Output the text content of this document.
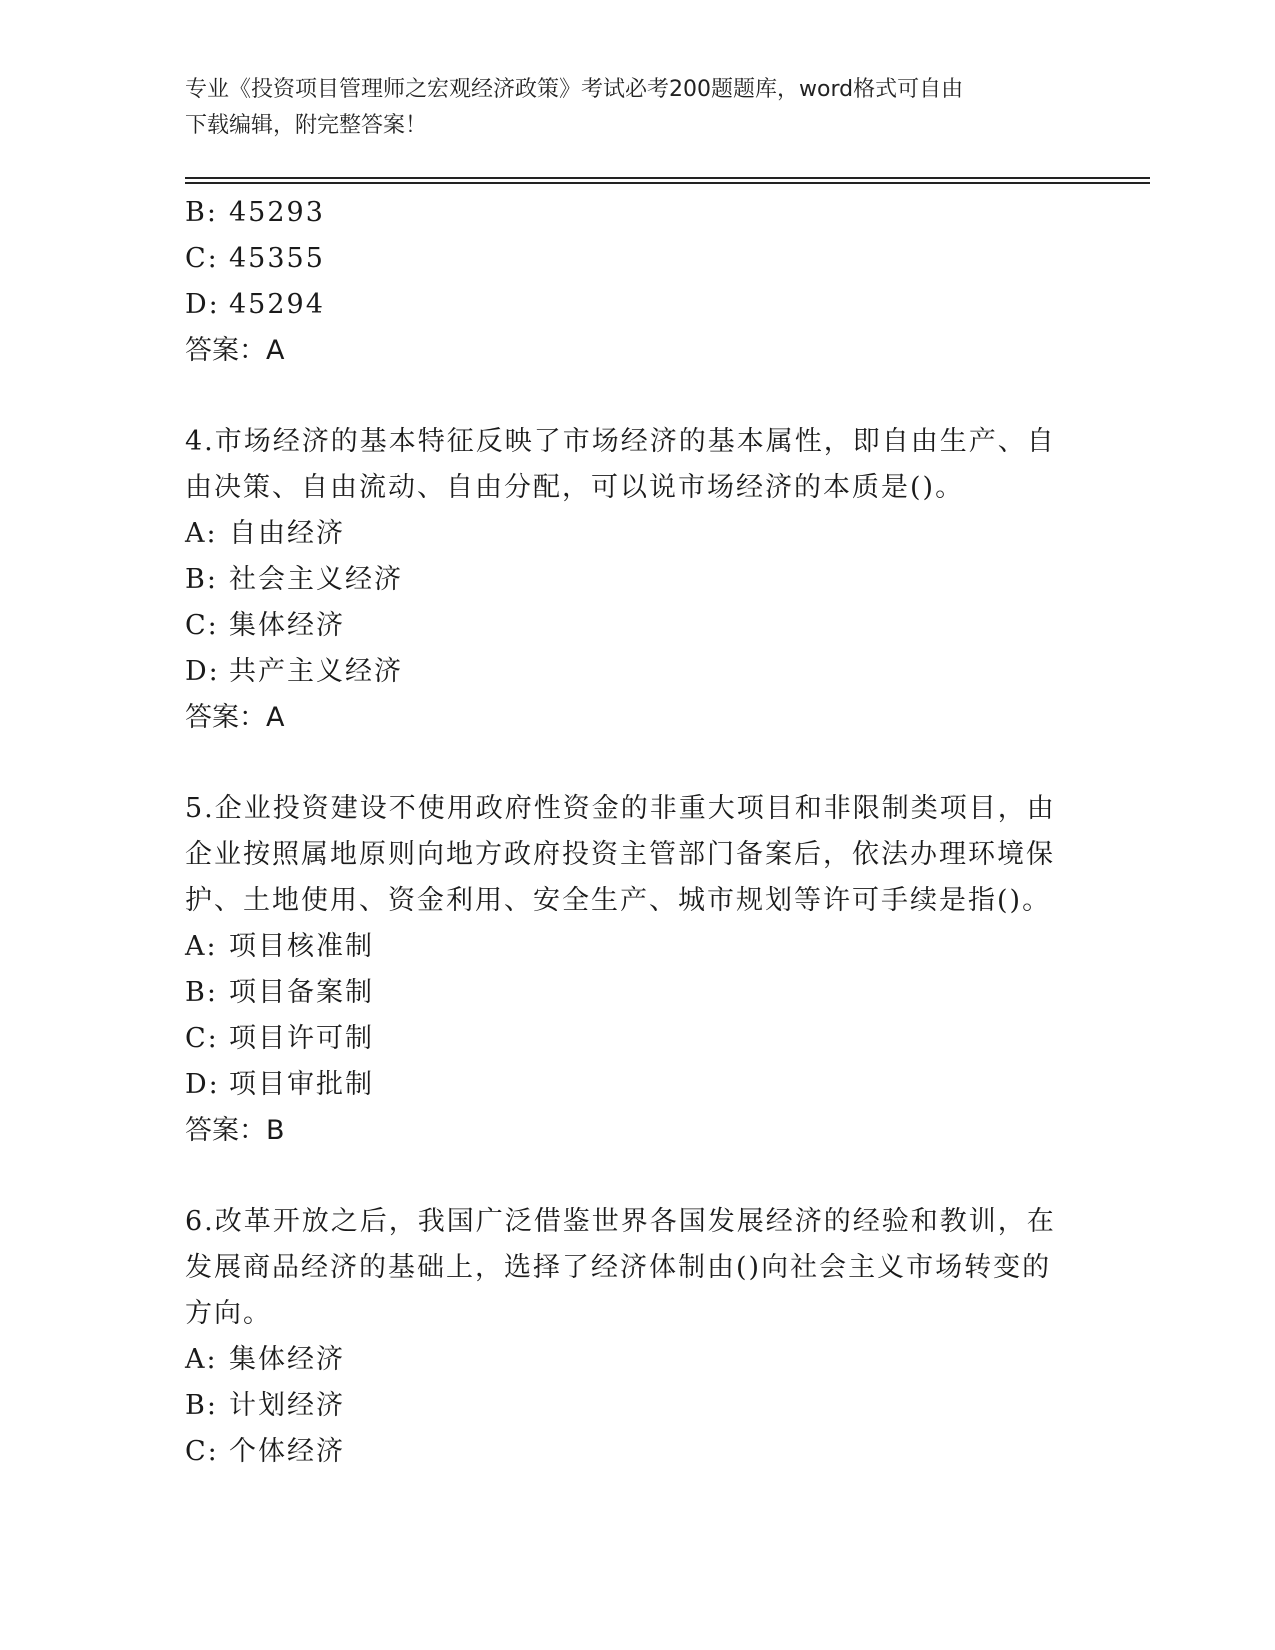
专业《投资项目管理师之宏观经济政策》考试必考200题题库，word格式可自由
下载编辑，附完整答案！
B: 45293
C: 45355
D: 45294
答案：A
4.市场经济的基本特征反映了市场经济的基本属性，即自由生产、自
由决策、自由流动、自由分配，可以说市场经济的本质是()。
A: 自由经济
B: 社会主义经济
C: 集体经济
D: 共产主义经济
答案：A
5.企业投资建设不使用政府性资金的非重大项目和非限制类项目，由
企业按照属地原则向地方政府投资主管部门备案后，依法办理环境保
护、土地使用、资金利用、安全生产、城市规划等许可手续是指()。
A: 项目核准制
B: 项目备案制
C: 项目许可制
D: 项目审批制
答案：B
6.改革开放之后，我国广泛借鉴世界各国发展经济的经验和教训，在
发展商品经济的基础上，选择了经济体制由()向社会主义市场转变的
方向。
A: 集体经济
B: 计划经济
C: 个体经济
